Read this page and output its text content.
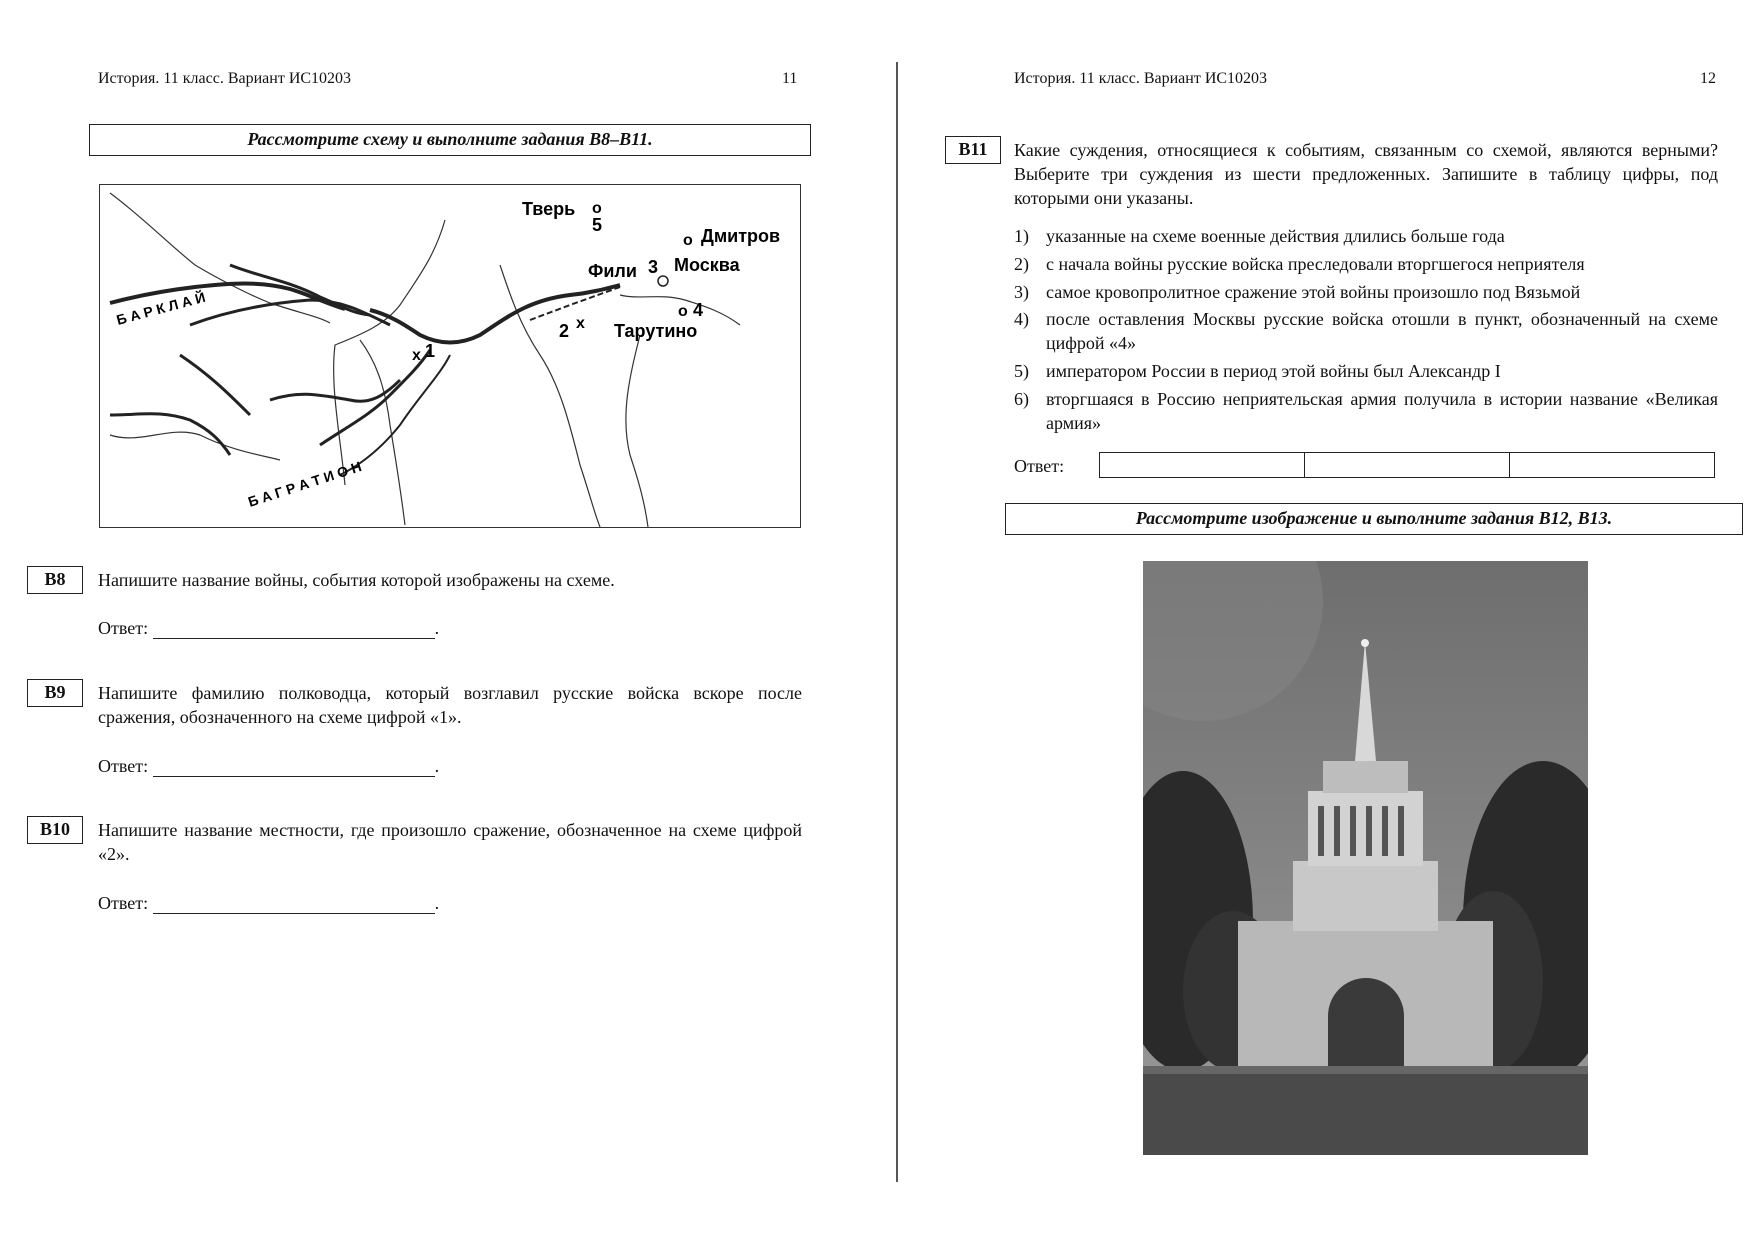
История. 11 класс. Вариант ИС10203	11
Рассмотрите схему и выполните задания В8–В11.
x
x
Тверь o
5
o Дмитров
Фили 3 Москва
o 4
Тарутино
1
2
Б А Р К Л А Й
Б А Г Р А Т И О Н
В8	Напишите название войны, события которой изображены на схеме.
Ответ:	.
В9	Напишите фамилию полководца, который возглавил русские войска вскоре после сражения, обозначенного на схеме цифрой «1».
Ответ:	.
В10	Напишите название местности, где произошло сражение, обозначенное на схеме цифрой «2».
Ответ:	.
История. 11 класс. Вариант ИС10203	12
В11	Какие суждения, относящиеся к событиям, связанным со схемой, являются верными? Выберите три суждения из шести предложенных. Запишите в таблицу цифры, под которыми они указаны.
1) указанные на схеме военные действия длились больше года
2) с начала войны русские войска преследовали вторгшегося неприятеля
3) самое кровопролитное сражение этой войны произошло под Вязьмой
4) после оставления Москвы русские войска отошли в пункт, обозначенный на схеме цифрой «4»
5) императором России в период этой войны был Александр I
6) вторгшаяся в Россию неприятельская армия получила в истории название «Великая армия»
Ответ:

Рассмотрите изображение и выполните задания В12, В13.
